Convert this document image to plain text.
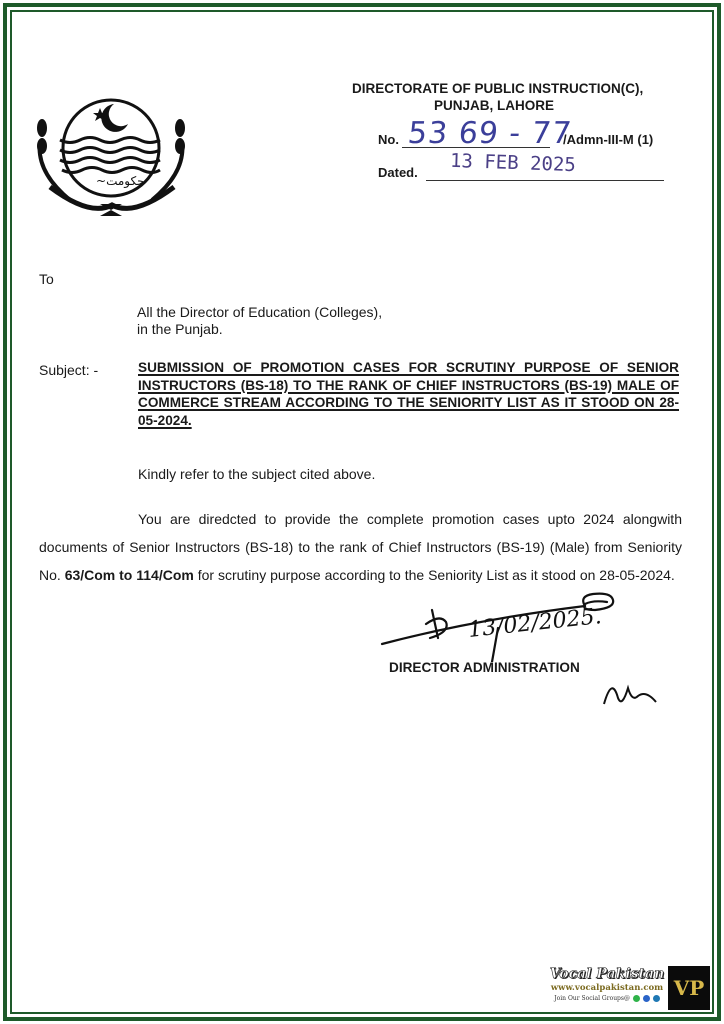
~ﺣﮑﻮﻣﺖ
DIRECTORATE OF PUBLIC INSTRUCTION(C),
PUNJAB, LAHORE
No. 53 69 - 77
/Admn-III-M (1)
Dated. 13 FEB 2025
To
All the Director of Education (Colleges),
in the Punjab.
Subject: -	SUBMISSION OF PROMOTION CASES FOR SCRUTINY PURPOSE OF SENIOR INSTRUCTORS (BS-18) TO THE RANK OF CHIEF INSTRUCTORS (BS-19) MALE OF COMMERCE STREAM ACCORDING TO THE SENIORITY LIST AS IT STOOD ON 28-05-2024.
Kindly refer to the subject cited above.
You are diredcted to provide the complete promotion cases upto 2024 alongwith documents of Senior Instructors (BS-18) to the rank of Chief Instructors (BS-19) (Male) from Seniority No. 63/Com to 114/Com for scrutiny purpose according to the Seniority List as it stood on 28-05-2024.
13/02/2025.
DIRECTOR ADMINISTRATION
Vocal Pakistan
www.vocalpakistan.com
Join Our Social Groups@	VP
